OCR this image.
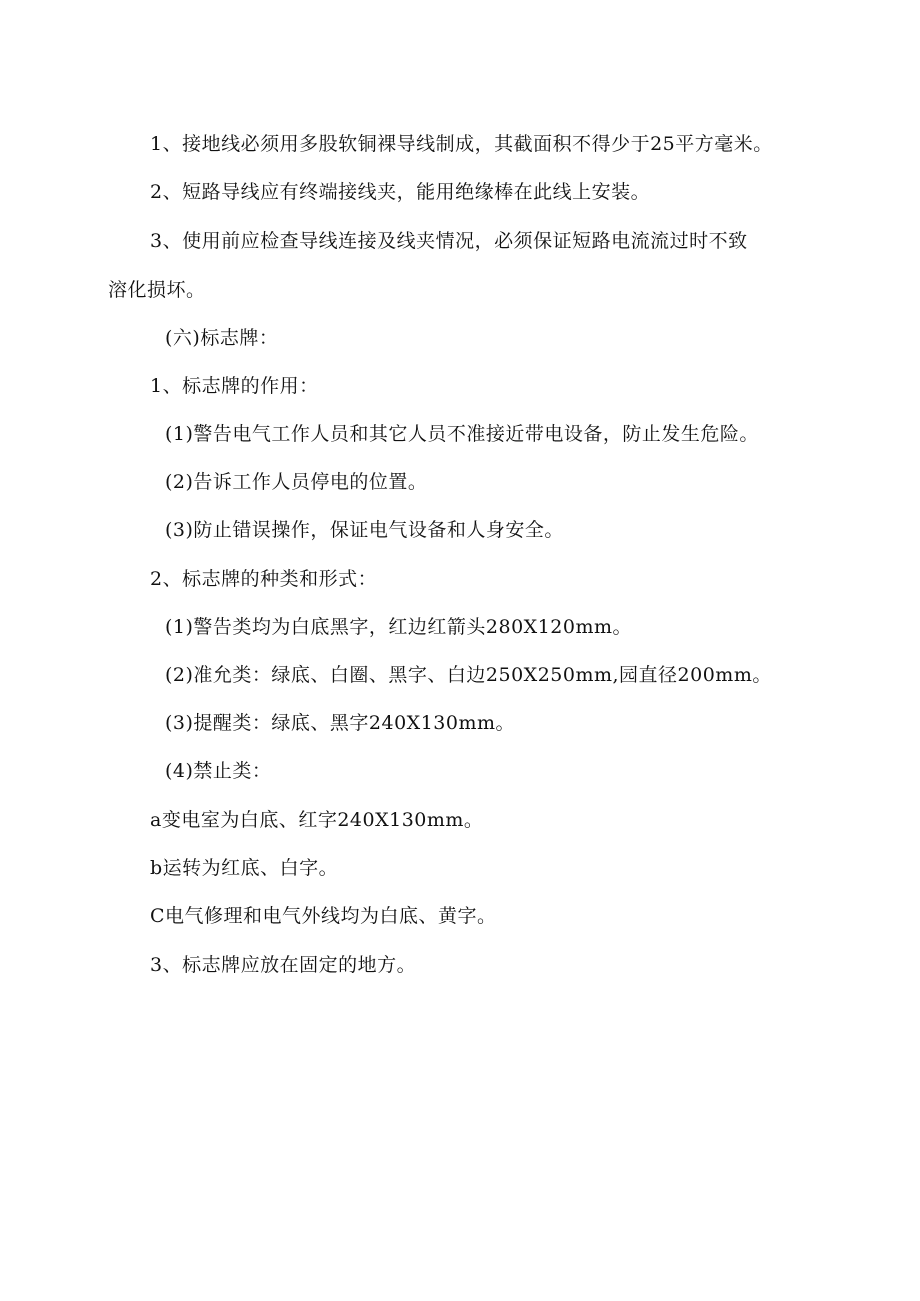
1、接地线必须用多股软铜裸导线制成，其截面积不得少于25平方毫米。
2、短路导线应有终端接线夹，能用绝缘棒在此线上安装。
3、使用前应检查导线连接及线夹情况，必须保证短路电流流过时不致
溶化损坏。
(六)标志牌：
1、标志牌的作用：
(1)警告电气工作人员和其它人员不准接近带电设备，防止发生危险。
(2)告诉工作人员停电的位置。
(3)防止错误操作，保证电气设备和人身安全。
2、标志牌的种类和形式：
(1)警告类均为白底黑字，红边红箭头280X120mm。
(2)准允类：绿底、白圈、黑字、白边250X250mm,园直径200mm。
(3)提醒类：绿底、黑字240X130mm。
(4)禁止类：
a变电室为白底、红字240X130mm。
b运转为红底、白字。
C电气修理和电气外线均为白底、黄字。
3、标志牌应放在固定的地方。
